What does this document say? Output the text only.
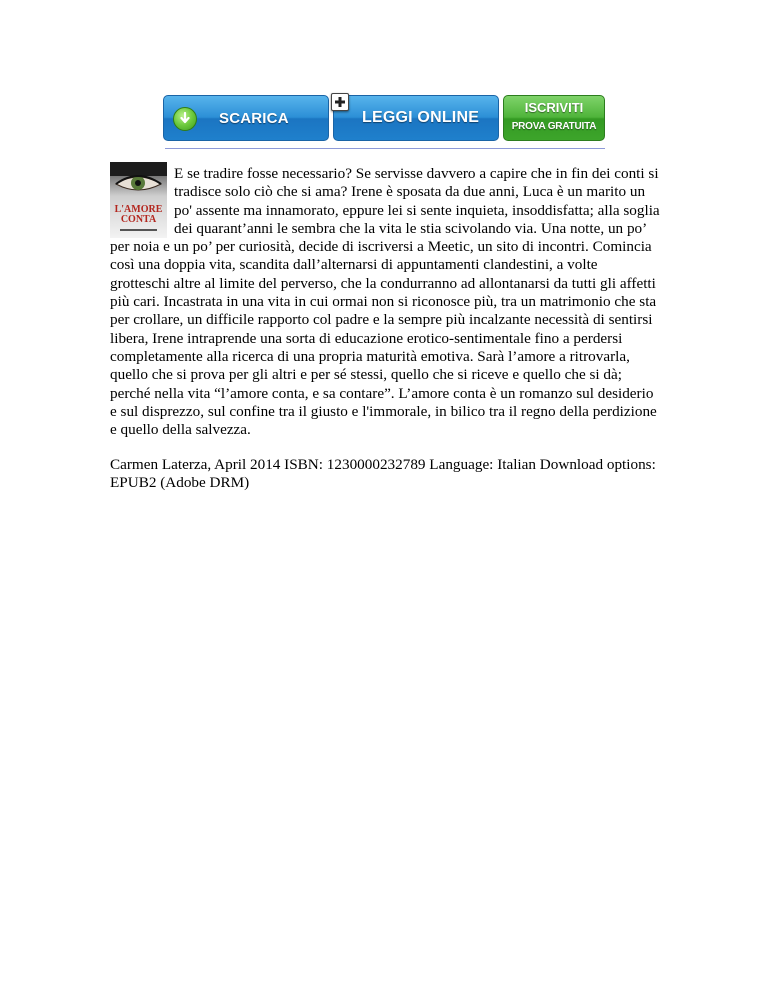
SCARICA	LEGGI ONLINE
ISCRIVITI
PROVA GRATUITA
L'AMORE
CONTA

E se tradire fosse necessario? Se servisse davvero a capire che in fin dei conti si tradisce solo ciò che si ama? Irene è sposata da due anni, Luca è un marito un po' assente ma innamorato, eppure lei si sente inquieta, insoddisfatta; alla soglia dei quarant’anni le sembra che la vita le stia scivolando via. Una notte, un po’ per noia e un po’ per curiosità, decide di iscriversi a Meetic, un sito di incontri. Comincia così una doppia vita, scandita dall’alternarsi di appuntamenti clandestini, a volte grotteschi altre al limite del perverso, che la condurranno ad allontanarsi da tutti gli affetti più cari. Incastrata in una vita in cui ormai non si riconosce più, tra un matrimonio che sta per crollare, un difficile rapporto col padre e la sempre più incalzante necessità di sentirsi libera, Irene intraprende una sorta di educazione erotico-sentimentale fino a perdersi completamente alla ricerca di una propria maturità emotiva. Sarà l’amore a ritrovarla, quello che si prova per gli altri e per sé stessi, quello che si riceve e quello che si dà; perché nella vita “l’amore conta, e sa contare”. L’amore conta è un romanzo sul desiderio e sul disprezzo, sul confine tra il giusto e l'immorale, in bilico tra il regno della perdizione e quello della salvezza.

Carmen Laterza, April 2014 ISBN: 1230000232789 Language: Italian Download options: EPUB2 (Adobe DRM)
